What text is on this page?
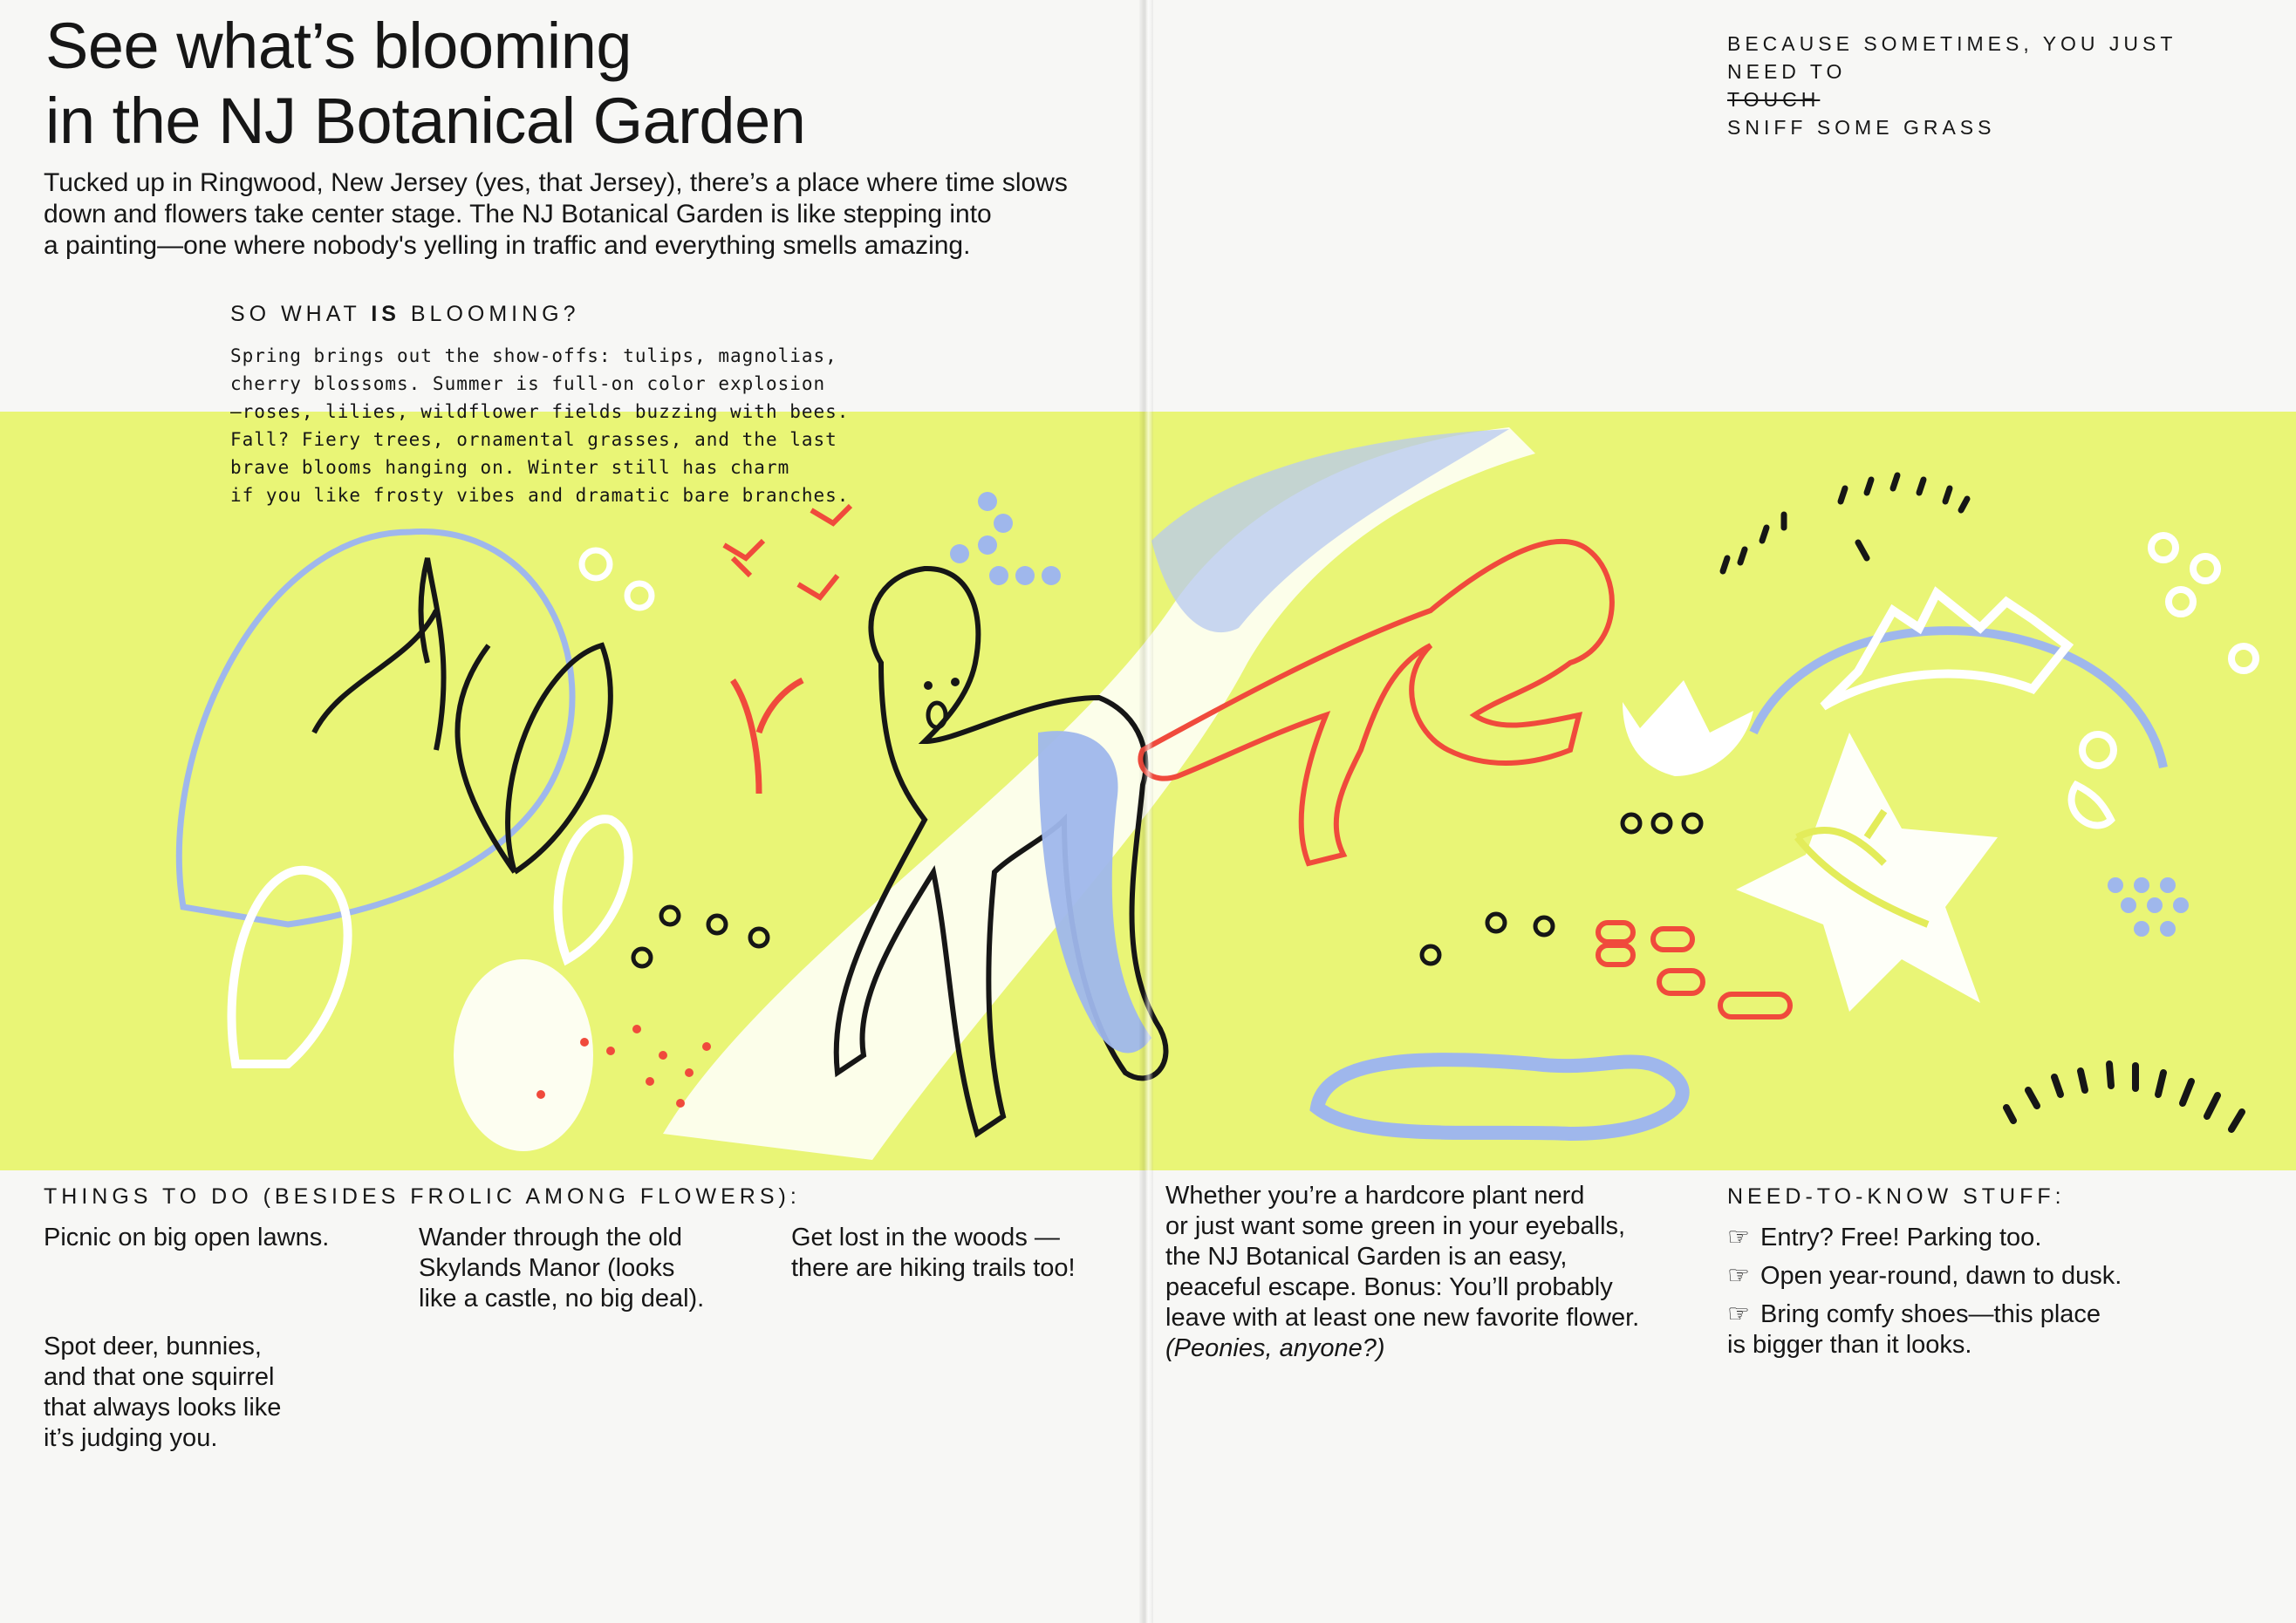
See what’s blooming
in the NJ Botanical Garden
Tucked up in Ringwood, New Jersey (yes, that Jersey), there’s a place where time slows
down and flowers take center stage. The NJ Botanical Garden is like stepping into
a painting—one where nobody's yelling in traffic and everything smells amazing.
SO WHAT IS BLOOMING?
Spring brings out the show-offs: tulips, magnolias,
cherry blossoms. Summer is full-on color explosion
—roses, lilies, wildflower fields buzzing with bees.
Fall? Fiery trees, ornamental grasses, and the last
brave blooms hanging on. Winter still has charm
if you like frosty vibes and dramatic bare branches.
BECAUSE SOMETIMES, YOU JUST
NEED TO
TOUCH
SNIFF SOME GRASS
THINGS TO DO (BESIDES FROLIC AMONG FLOWERS):
Picnic on big open lawns.	Wander through the old
Skylands Manor (looks
like a castle, no big deal).
Get lost in the woods —
there are hiking trails too!
Spot deer, bunnies,
and that one squirrel
that always looks like
it’s judging you.
Whether you’re a hardcore plant nerd
or just want some green in your eyeballs,
the NJ Botanical Garden is an easy,
peaceful escape. Bonus: You’ll probably
leave with at least one new favorite flower.
(Peonies, anyone?)
NEED-TO-KNOW STUFF:
☞ Entry? Free! Parking too.
☞ Open year-round, dawn to dusk.
☞ Bring comfy shoes—this place
is bigger than it looks.
